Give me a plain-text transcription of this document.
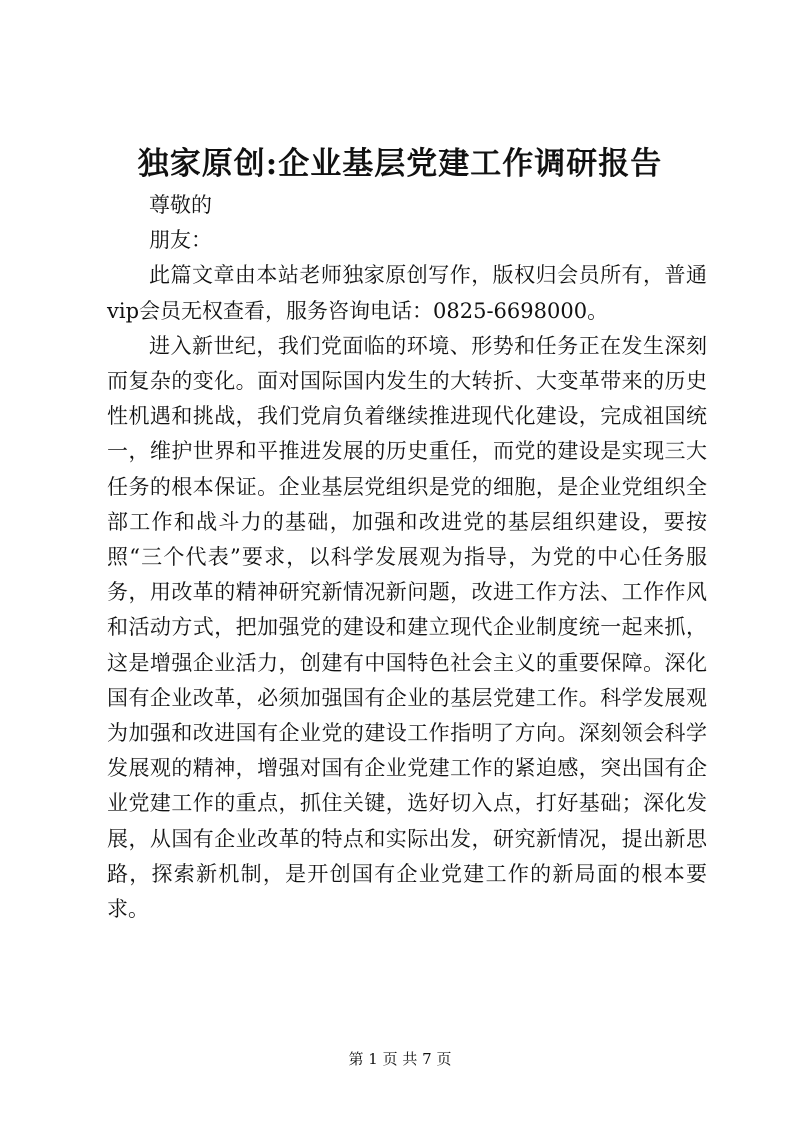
独家原创:企业基层党建工作调研报告

尊敬的

朋友：

此篇文章由本站老师独家原创写作，版权归会员所有，普通vip会员无权查看，服务咨询电话：0825-6698000。

进入新世纪，我们党面临的环境、形势和任务正在发生深刻而复杂的变化。面对国际国内发生的大转折、大变革带来的历史性机遇和挑战，我们党肩负着继续推进现代化建设，完成祖国统一，维护世界和平推进发展的历史重任，而党的建设是实现三大任务的根本保证。企业基层党组织是党的细胞，是企业党组织全部工作和战斗力的基础，加强和改进党的基层组织建设，要按照“三个代表”要求，以科学发展观为指导，为党的中心任务服务，用改革的精神研究新情况新问题，改进工作方法、工作作风和活动方式，把加强党的建设和建立现代企业制度统一起来抓，这是增强企业活力，创建有中国特色社会主义的重要保障。深化国有企业改革，必须加强国有企业的基层党建工作。科学发展观为加强和改进国有企业党的建设工作指明了方向。深刻领会科学发展观的精神，增强对国有企业党建工作的紧迫感，突出国有企业党建工作的重点，抓住关键，选好切入点，打好基础；深化发展，从国有企业改革的特点和实际出发，研究新情况，提出新思路，探索新机制，是开创国有企业党建工作的新局面的根本要求。

第 1 页 共 7 页
